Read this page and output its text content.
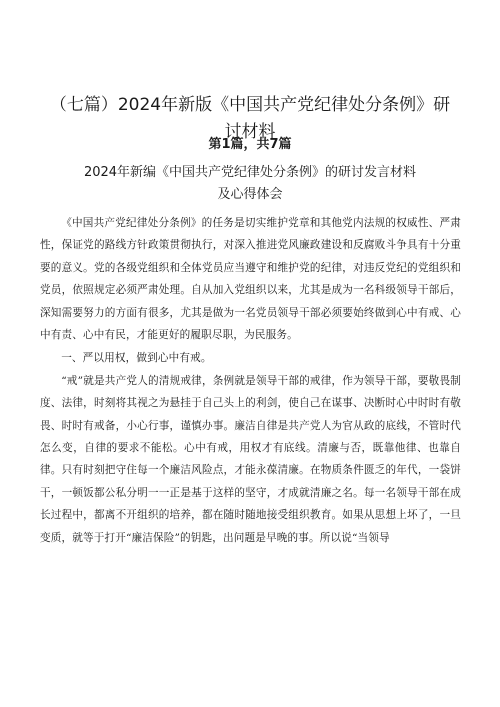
（七篇）2024年新版《中国共产党纪律处分条例》研
讨材料
第1篇，共7篇
2024年新编《中国共产党纪律处分条例》的研讨发言材料
及心得体会

《中国共产党纪律处分条例》的任务是切实维护党章和其他党内法规的权威性、严肃性，保证党的路线方针政策贯彻执行，对深入推进党风廉政建设和反腐败斗争具有十分重要的意义。党的各级党组织和全体党员应当遵守和维护党的纪律，对违反党纪的党组织和党员，依照规定必须严肃处理。自从加入党组织以来，尤其是成为一名科级领导干部后，深知需要努力的方面有很多，尤其是做为一名党员领导干部必须要始终做到心中有戒、心中有责、心中有民，才能更好的履职尽职，为民服务。

一、严以用权，做到心中有戒。

“戒”就是共产党人的清规戒律，条例就是领导干部的戒律，作为领导干部，要敬畏制度、法律，时刻将其视之为悬挂于自己头上的利剑，使自己在谋事、决断时心中时时有敬畏、时时有戒备，小心行事，谨慎办事。廉洁自律是共产党人为官从政的底线，不管时代怎么变，自律的要求不能松。心中有戒，用权才有底线。清廉与否，既靠他律、也靠自律。只有时刻把守住每一个廉洁风险点，才能永葆清廉。在物质条件匮乏的年代，一袋饼干，一顿饭都公私分明一一正是基于这样的坚守，才成就清廉之名。每一名领导干部在成长过程中，都离不开组织的培养，都在随时随地接受组织教育。如果从思想上坏了，一旦变质，就等于打开“廉洁保险”的钥匙，出问题是早晚的事。所以说“当领导
